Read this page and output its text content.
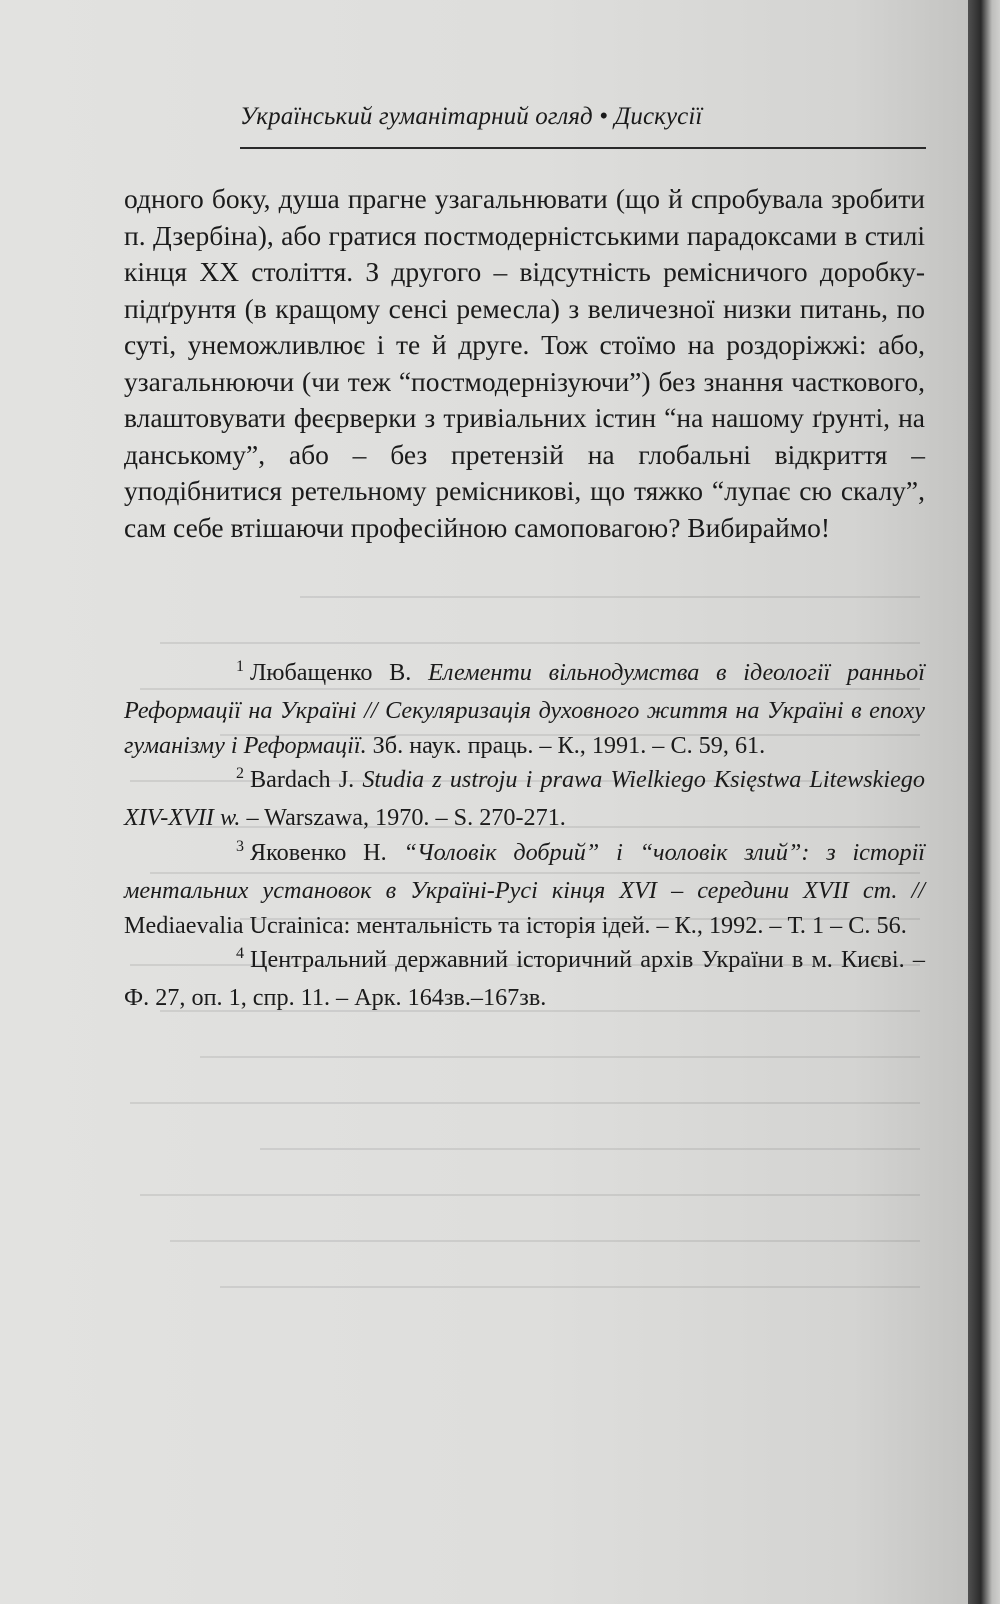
Український гуманітарний огляд • Дискусії

одного боку, душа прагне узагальнювати (що й спробувала зробити п. Дзербіна), або гратися постмодерністськими парадоксами в стилі кінця XX століття. З другого – відсутність ремісничого доробку-підґрунтя (в кращому сенсі ремесла) з величезної низки питань, по суті, унеможливлює і те й друге. Тож стоїмо на роздоріжжі: або, узагальнюючи (чи теж “постмодернізуючи”) без знання часткового, влаштовувати феєрверки з тривіальних істин “на нашому ґрунті, на данському”, або – без претензій на глобальні відкриття – уподібнитися ретельному ремісникові, що тяжко “лупає сю скалу”, сам себе втішаючи професійною самоповагою? Вибираймо!

$^1$ Любащенко В. Елементи вільнодумства в ідеології ранньої Реформації на Україні // Секуляризація духовного життя на Україні в епоху гуманізму і Реформації. Зб. наук. праць. – К., 1991. – С. 59, 61.

$^2$ Bardach J. Studia z ustroju i prawa Wielkiego Księstwa Litewskiego XIV-XVII w. – Warszawa, 1970. – S. 270-271.

$^3$ Яковенко Н. “Чоловік добрий” і “чоловік злий”: з історії ментальних установок в Україні-Русі кінця XVI – середини XVII ст. // Mediaevalia Ucrainica: ментальність та історія ідей. – К., 1992. – Т. 1 – С. 56.

$^4$ Центральний державний історичний архів України в м. Києві. – Ф. 27, оп. 1, спр. 11. – Арк. 164зв.–167зв.
